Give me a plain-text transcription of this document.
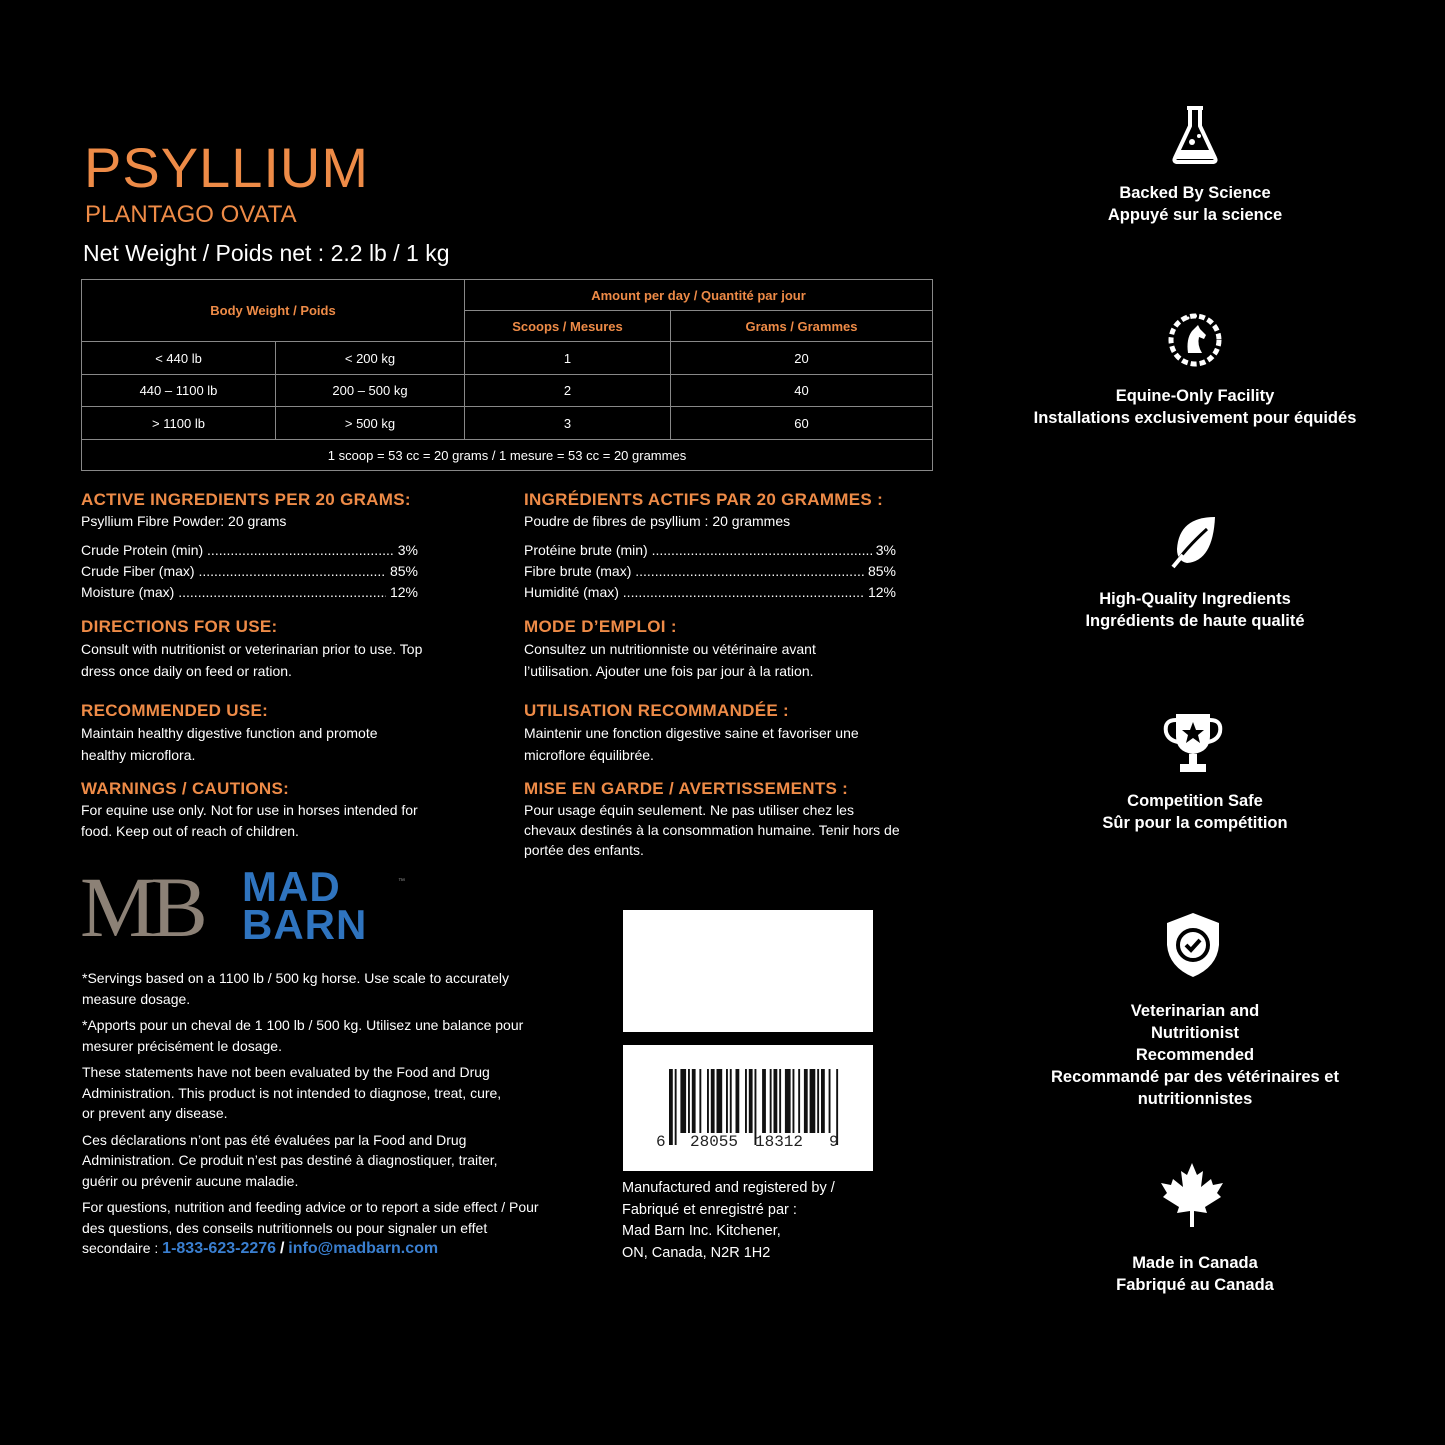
PSYLLIUM
PLANTAGO OVATA
Net Weight / Poids net : 2.2 lb / 1 kg
Body Weight / Poids		Amount per day / Quantité par jour	
		Scoops / Mesures	Grams / Grammes
< 440 lb	< 200 kg	1	20
440 – 1100 lb	200 – 500 kg	2	40
> 1100 lb	> 500 kg	3	60
1 scoop = 53 cc = 20 grams / 1 mesure = 53 cc = 20 grammes			
ACTIVE INGREDIENTS PER 20 GRAMS:

Psyllium Fibre Powder: 20 grams

Crude Protein (min) .....	3%
Crude Fiber (max) .....	85%
Moisture (max) .....	12%
DIRECTIONS FOR USE:

Consult with nutritionist or veterinarian prior to use. Top dress once daily on feed or ration.

RECOMMENDED USE:

Maintain healthy digestive function and promote healthy microflora.

WARNINGS / CAUTIONS:

For equine use only. Not for use in horses intended for food. Keep out of reach of children.

INGRÉDIENTS ACTIFS PAR 20 GRAMMES :

Poudre de fibres de psyllium : 20 grammes

Protéine brute (min) .....	3%
Fibre brute (max) .....	85%
Humidité (max) .....	12%
MODE D’EMPLOI :

Consultez un nutritionniste ou vétérinaire avant l’utilisation. Ajouter une fois par jour à la ration.

UTILISATION RECOMMANDÉE :

Maintenir une fonction digestive saine et favoriser une microflore équilibrée.

MISE EN GARDE / AVERTISSEMENTS :

Pour usage équin seulement. Ne pas utiliser chez les chevaux destinés à la consommation humaine. Tenir hors de portée des enfants.

MB MAD
BARN
™

*Servings based on a 1100 lb / 500 kg horse. Use scale to accurately measure dosage.

*Apports pour un cheval de 1 100 lb / 500 kg. Utilisez une balance pour mesurer précisément le dosage.

These statements have not been evaluated by the Food and Drug Administration. This product is not intended to diagnose, treat, cure, or prevent any disease.

Ces déclarations n’ont pas été évaluées par la Food and Drug Administration. Ce produit n’est pas destiné à diagnostiquer, traiter, guérir ou prévenir aucune maladie.

For questions, nutrition and feeding advice or to report a side effect / Pour des questions, des conseils nutritionnels ou pour signaler un effet secondaire : 1-833-623-2276 / info@madbarn.com

6 28055 18312 9
Manufactured and registered by /
Fabriqué et enregistré par :
Mad Barn Inc. Kitchener,
ON, Canada, N2R 1H2
Backed By Science
Appuyé sur la science
Equine-Only Facility
Installations exclusivement pour équidés
High-Quality Ingredients
Ingrédients de haute qualité
Competition Safe
Sûr pour la compétition
Veterinarian and Nutritionist Recommended
Recommandé par des vétérinaires et nutritionnistes
Made in Canada
Fabriqué au Canada
